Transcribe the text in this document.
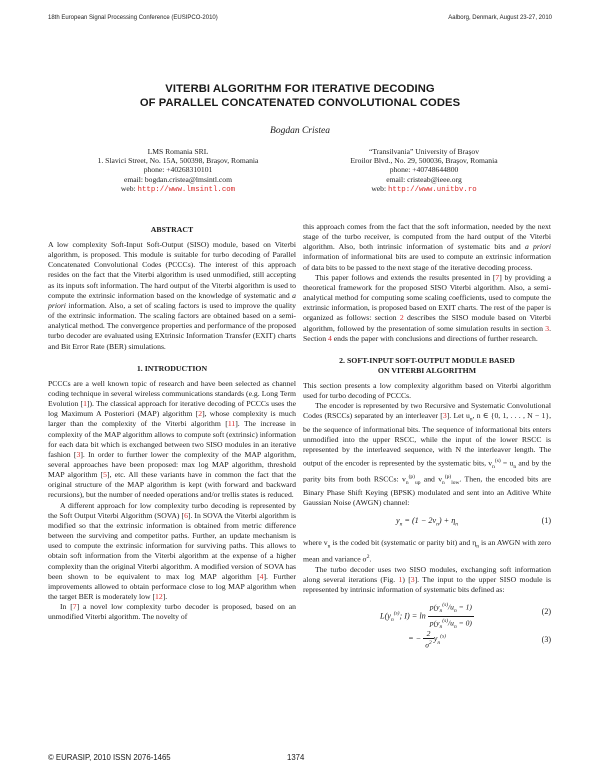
18th European Signal Processing Conference (EUSIPCO-2010)	Aalborg, Denmark, August 23-27, 2010
VITERBI ALGORITHM FOR ITERATIVE DECODING
OF PARALLEL CONCATENATED CONVOLUTIONAL CODES
Bogdan Cristea
LMS Romania SRL
1. Slavici Street, No. 15A, 500398, Braşov, Romania
phone: +40268310101
email: bogdan.cristea@lmsintl.com
web: http://www.lmsintl.com
“Transilvania” University of Braşov
Eroilor Blvd., No. 29, 500036, Braşov, Romania
phone: +40748644800
email: cristeab@ieee.org
web: http://www.unitbv.ro
ABSTRACT

A low complexity Soft-Input Soft-Output (SISO) module, based on Viterbi algorithm, is proposed. This module is suitable for turbo decoding of Parallel Concatenated Convolutional Codes (PCCCs). The interest of this approach resides on the fact that the Viterbi algorithm is used unmodified, still accepting as its inputs soft information. The hard output of the Viterbi algorithm is used to compute the extrinsic information based on the knowledge of systematic and a priori information. Also, a set of scaling factors is used to improve the quality of the extrinsic information. The scaling factors are obtained based on a semi-analytical method. The convergence properties and performance of the proposed turbo decoder are evaluated using EXtrinsic Information Transfer (EXIT) charts and Bit Error Rate (BER) simulations.

1. INTRODUCTION

PCCCs are a well known topic of research and have been selected as channel coding technique in several wireless communications standards (e.g. Long Term Evolution [1]). The classical approach for iterative decoding of PCCCs uses the log Maximum A Posteriori (MAP) algorithm [2], whose complexity is much larger than the complexity of the Viterbi algorithm [11]. The increase in complexity of the MAP algorithm allows to compute soft (extrinsic) information for each data bit which is exchanged between two SISO modules in an iterative fashion [3]. In order to further lower the complexity of the MAP algorithm, several approaches have been proposed: max log MAP algorithm, threshold MAP algorithm [5], etc. All these variants have in common the fact that the original structure of the MAP algorithm is kept (with forward and backward recursions), but the number of needed operations and/or trellis states is reduced.

A different approach for low complexity turbo decoding is represented by the Soft Output Viterbi Algorithm (SOVA) [6]. In SOVA the Viterbi algorithm is modified so that the extrinsic information is obtained from metric difference between the surviving and competitor paths. Further, an update mechanism is used to compute the extrinsic information for surviving paths. This allows to obtain soft information from the Viterbi algorithm at the expense of a higher complexity than the original Viterbi algorithm. A modified version of SOVA has been shown to be equivalent to max log MAP algorithm [4]. Further improvements allowed to obtain performace close to log MAP algorithm when the target BER is moderately low [12].

In [7] a novel low complexity turbo decoder is proposed, based on an unmodified Viterbi algorithm. The novelty of

this approach comes from the fact that the soft information, needed by the next stage of the turbo receiver, is computed from the hard output of the Viterbi algorithm. Also, both intrinsic information of systematic bits and a priori information of informational bits are used to compute an extrinsic information of data bits to be passed to the next stage of the iterative decoding process.

This paper follows and extends the results presented in [7] by providing a theoretical framework for the proposed SISO Viterbi algorithm. Also, a semi-analytical method for computing some scaling coefficients, used to compute the extrinsic information, is proposed based on EXIT charts. The rest of the paper is organized as follows: section 2 describes the SISO module based on Viterbi algorithm, followed by the presentation of some simulation results in section 3. Section 4 ends the paper with conclusions and directions of further research.

2. SOFT-INPUT SOFT-OUTPUT MODULE BASED
ON VITERBI ALGORITHM

This section presents a low complexity algorithm based on Viterbi algorithm used for turbo decoding of PCCCs.

The encoder is represented by two Recursive and Systematic Convolutional Codes (RSCCs) separated by an interleaver [3]. Let $u_n$, n ∈ {0, 1, . . . , N − 1}, be the sequence of informational bits. The sequence of informational bits enters unmodified into the upper RSCC, while the input of the lower RSCC is represented by the interleaved sequence, with N the interleaver length. The output of the encoder is represented by the systematic bits, $v_n^{(s)} = u_n$ and by the parity bits from both RSCCs: $v_n^{(p)}_{up}$ and $v_n^{(p)}_{low}$. Then, the encoded bits are Binary Phase Shift Keying (BPSK) modulated and sent into an Aditive White Gaussian Noise (AWGN) channel:

$y_n = (1 - 2v_n) + \eta_n$	(1)

where $v_n$ is the coded bit (systematic or parity bit) and $\eta_n$ is an AWGN with zero mean and variance $\sigma^2$.

The turbo decoder uses two SISO modules, exchanging soft information along several iterations (Fig. 1) [3]. The input to the upper SISO module is represented by intrinsic information of systematic bits defined as:

$L(y_n^{(s)}$; $I) = \ln \frac{p(y_n^{(s)}/u_n = 1)}{p(y_n^{(s)}/u_n = 0)}$	(2)
= − $\frac{2}{\sigma^2} y_n^{(s)}$	(3)
© EURASIP, 2010 ISSN 2076-1465	1374
